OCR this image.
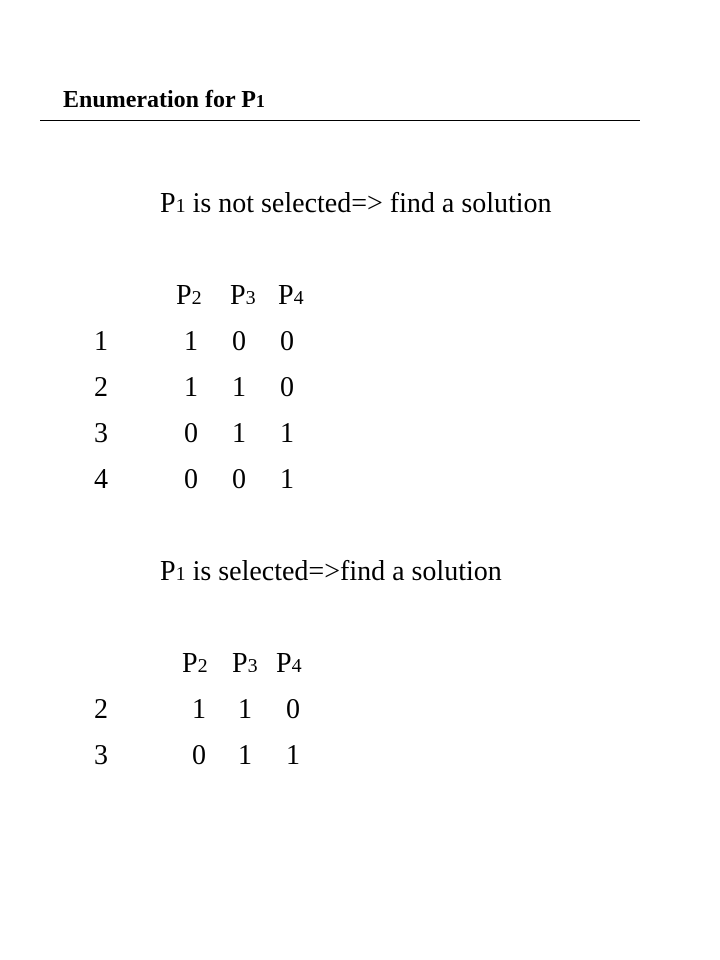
Enumeration for P1
P1 is not selected=> find a solution
P2 P3 P4
1	1 0 0
2	1 1 0
3	0 1 1
4	0 0 1
P1 is selected=>find a solution
P2 P3 P4
2	1 1 0
3	0 1 1
